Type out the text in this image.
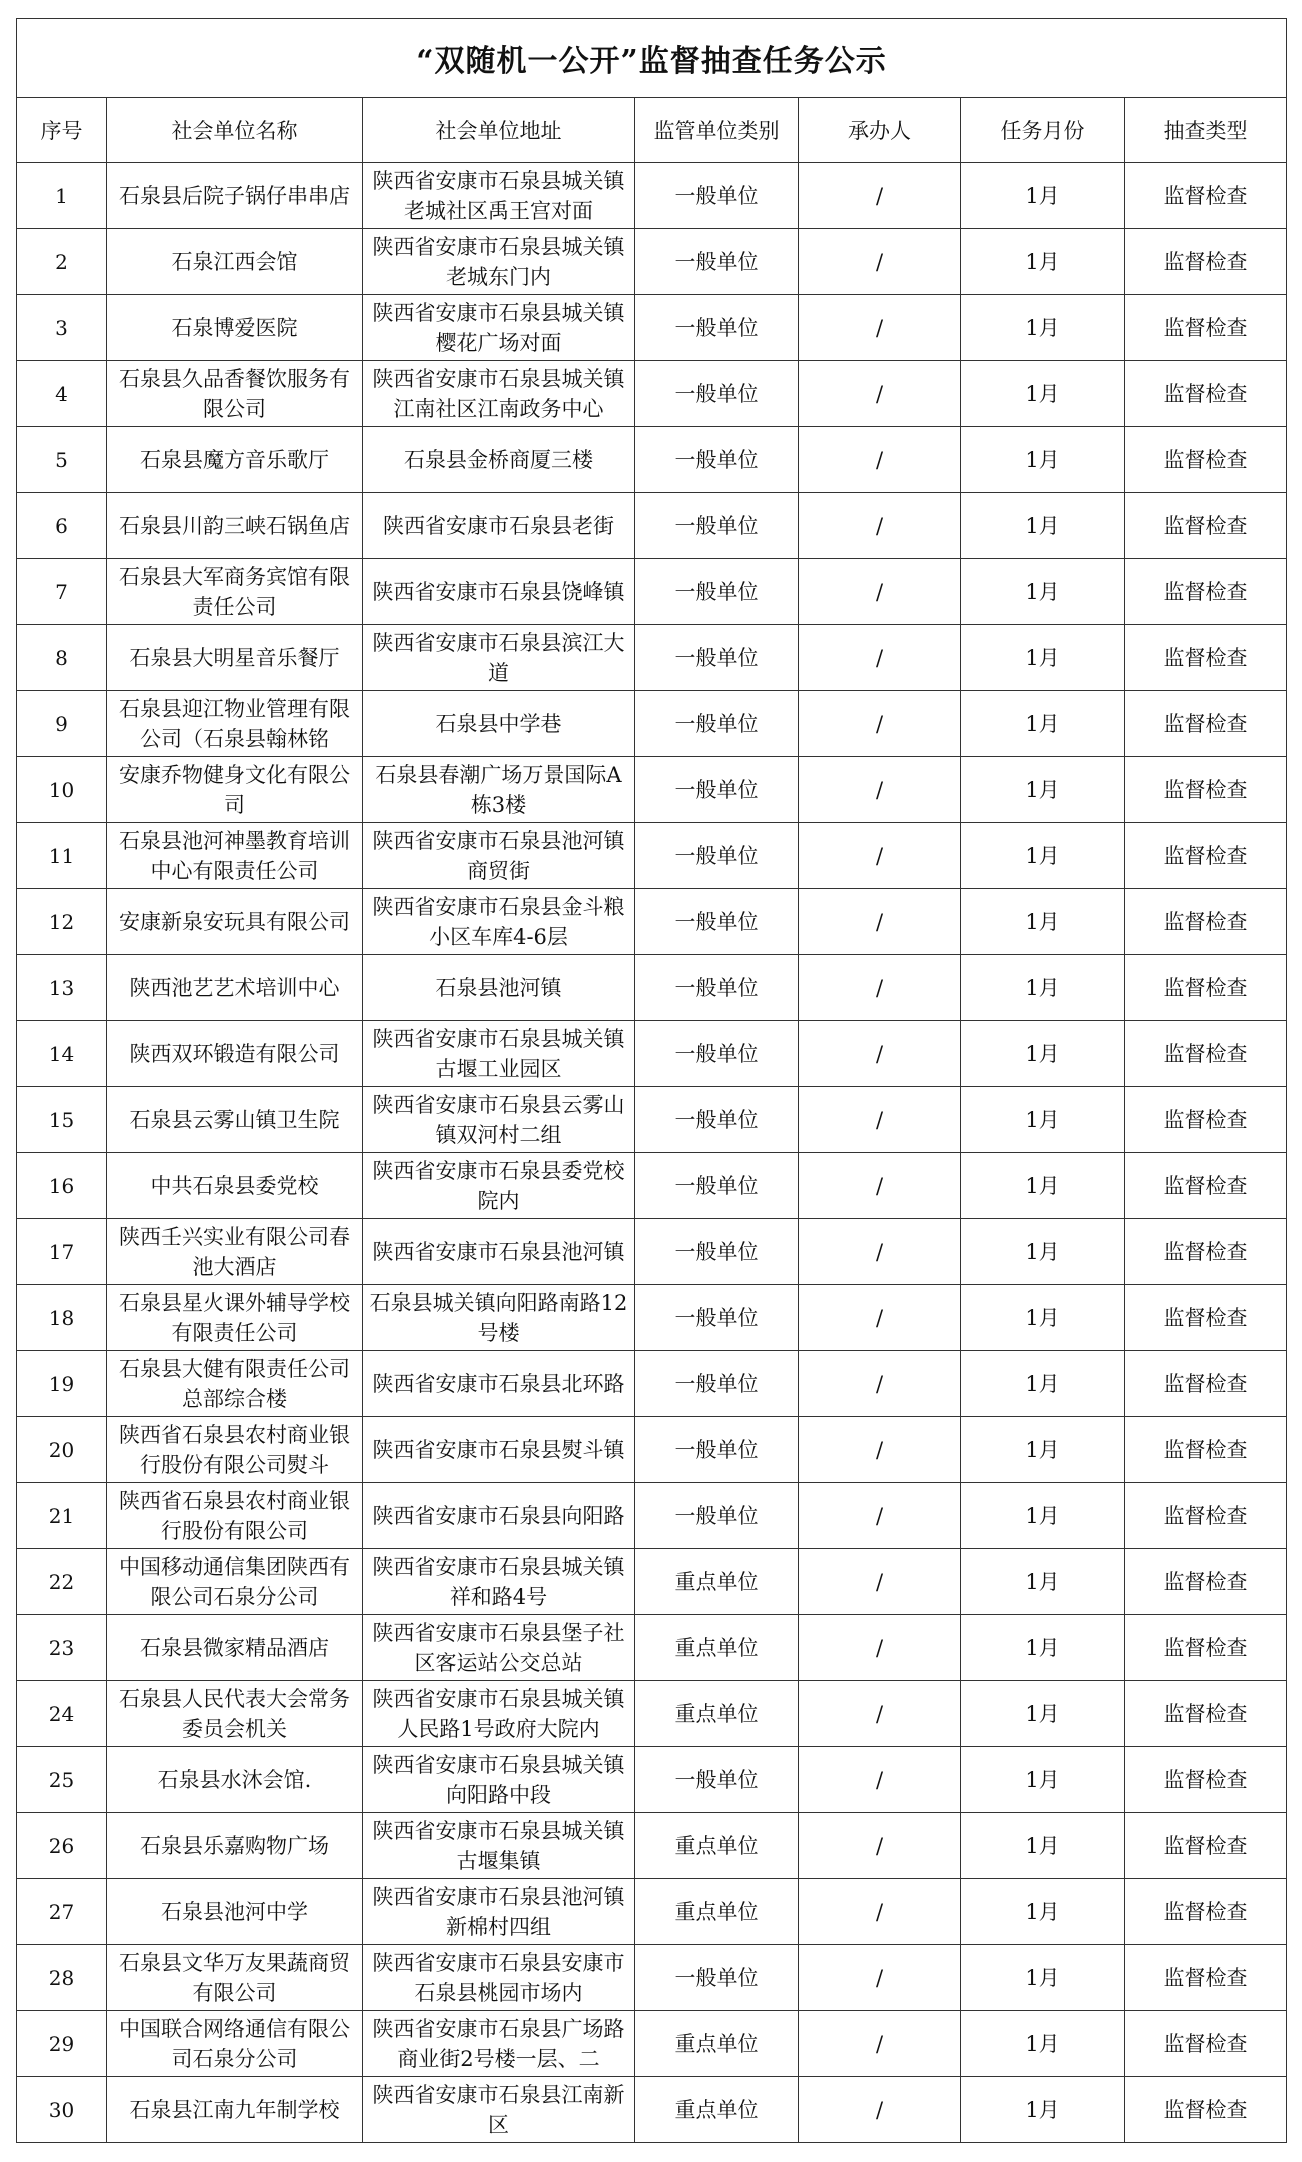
“双随机一公开”监督抽查任务公示						
序号	社会单位名称	社会单位地址	监管单位类别	承办人	任务月份	抽查类型

1	石泉县后院子锅仔串串店	陕西省安康市石泉县城关镇老城社区禹王宫对面	一般单位	/	1月	监督检查

2	石泉江西会馆	陕西省安康市石泉县城关镇老城东门内	一般单位	/	1月	监督检查

3	石泉博爱医院	陕西省安康市石泉县城关镇樱花广场对面	一般单位	/	1月	监督检查

4	石泉县久品香餐饮服务有限公司	陕西省安康市石泉县城关镇江南社区江南政务中心	一般单位	/	1月	监督检查

5	石泉县魔方音乐歌厅	石泉县金桥商厦三楼	一般单位	/	1月	监督检查

6	石泉县川韵三峡石锅鱼店	陕西省安康市石泉县老街	一般单位	/	1月	监督检查

7	石泉县大军商务宾馆有限责任公司	陕西省安康市石泉县饶峰镇	一般单位	/	1月	监督检查

8	石泉县大明星音乐餐厅	陕西省安康市石泉县滨江大道	一般单位	/	1月	监督检查

9	石泉县迎江物业管理有限公司（石泉县翰林铭	石泉县中学巷	一般单位	/	1月	监督检查

10	安康乔物健身文化有限公司	石泉县春潮广场万景国际A栋3楼	一般单位	/	1月	监督检查

11	石泉县池河神墨教育培训中心有限责任公司	陕西省安康市石泉县池河镇商贸街	一般单位	/	1月	监督检查

12	安康新泉安玩具有限公司	陕西省安康市石泉县金斗粮小区车库4-6层	一般单位	/	1月	监督检查

13	陕西池艺艺术培训中心	石泉县池河镇	一般单位	/	1月	监督检查

14	陕西双环锻造有限公司	陕西省安康市石泉县城关镇古堰工业园区	一般单位	/	1月	监督检查

15	石泉县云雾山镇卫生院	陕西省安康市石泉县云雾山镇双河村二组	一般单位	/	1月	监督检查

16	中共石泉县委党校	陕西省安康市石泉县委党校院内	一般单位	/	1月	监督检查

17	陕西壬兴实业有限公司春池大酒店	陕西省安康市石泉县池河镇	一般单位	/	1月	监督检查

18	石泉县星火课外辅导学校有限责任公司	石泉县城关镇向阳路南路12号楼	一般单位	/	1月	监督检查

19	石泉县大健有限责任公司总部综合楼	陕西省安康市石泉县北环路	一般单位	/	1月	监督检查

20	陕西省石泉县农村商业银行股份有限公司熨斗	陕西省安康市石泉县熨斗镇	一般单位	/	1月	监督检查

21	陕西省石泉县农村商业银行股份有限公司	陕西省安康市石泉县向阳路	一般单位	/	1月	监督检查

22	中国移动通信集团陕西有限公司石泉分公司	陕西省安康市石泉县城关镇祥和路4号	重点单位	/	1月	监督检查

23	石泉县微家精品酒店	陕西省安康市石泉县堡子社区客运站公交总站	重点单位	/	1月	监督检查

24	石泉县人民代表大会常务委员会机关	陕西省安康市石泉县城关镇人民路1号政府大院内	重点单位	/	1月	监督检查

25	石泉县水沐会馆.	陕西省安康市石泉县城关镇向阳路中段	一般单位	/	1月	监督检查

26	石泉县乐嘉购物广场	陕西省安康市石泉县城关镇古堰集镇	重点单位	/	1月	监督检查

27	石泉县池河中学	陕西省安康市石泉县池河镇新棉村四组	重点单位	/	1月	监督检查

28	石泉县文华万友果蔬商贸有限公司	陕西省安康市石泉县安康市石泉县桃园市场内	一般单位	/	1月	监督检查

29	中国联合网络通信有限公司石泉分公司	陕西省安康市石泉县广场路商业街2号楼一层、二	重点单位	/	1月	监督检查

30	石泉县江南九年制学校	陕西省安康市石泉县江南新区	重点单位	/	1月	监督检查
